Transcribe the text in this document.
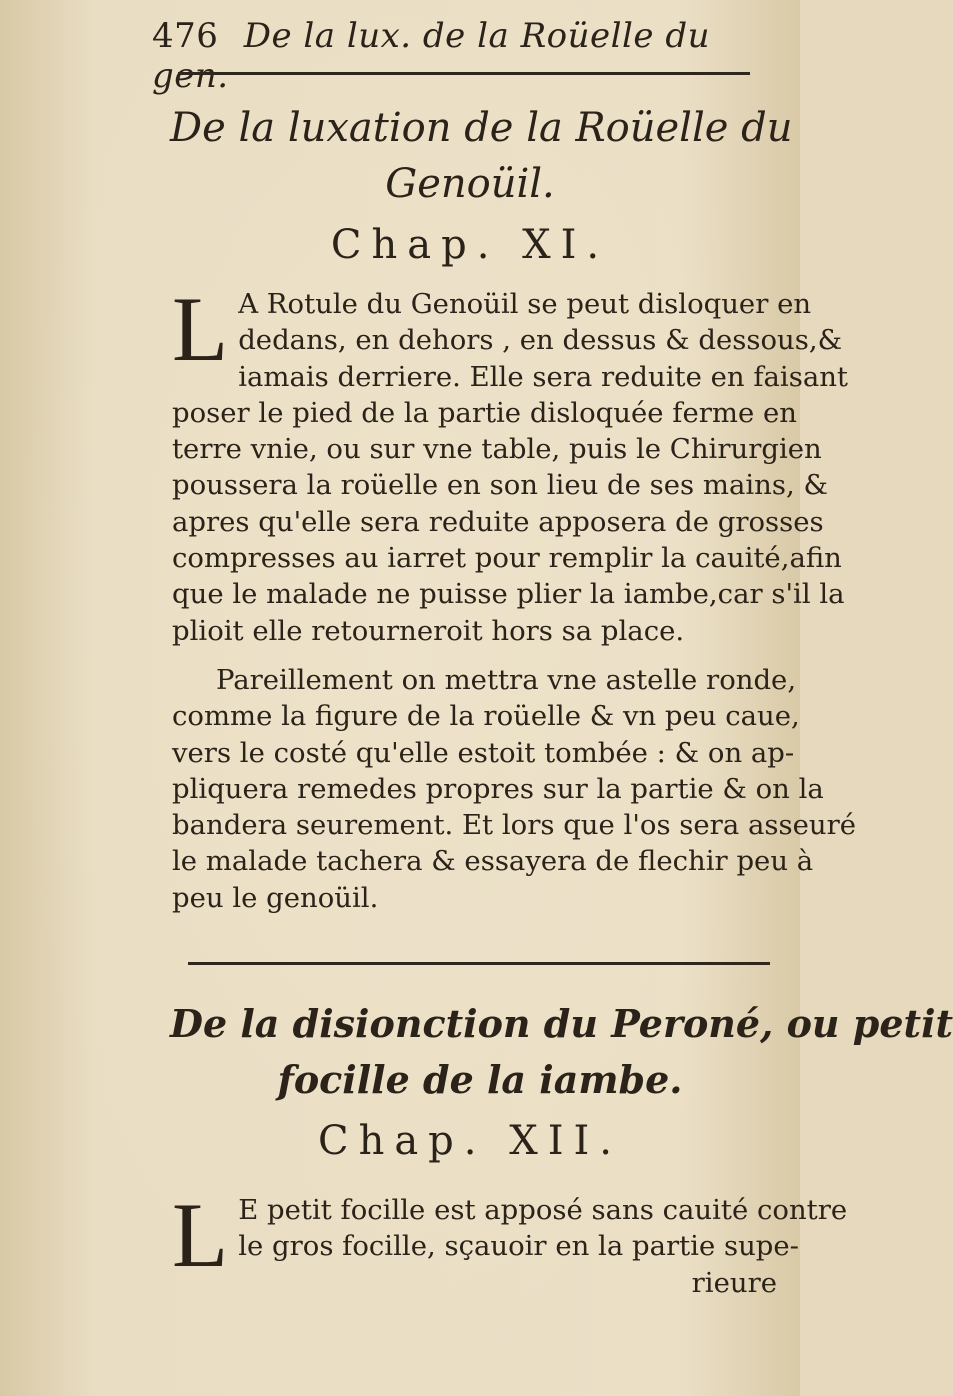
476 De la lux. de la Roüelle du gen.
De la luxation de la Roüelle du
Genoüil.
Chap. XI.
L A Rotule du Genoüil se peut disloquer en
dedans, en dehors , en dessus & dessous,&
iamais derriere. Elle sera reduite en faisant
poser le pied de la partie disloquée ferme en
terre vnie, ou sur vne table, puis le Chirurgien
poussera la roüelle en son lieu de ses mains, &
apres qu'elle sera reduite apposera de grosses
compresses au iarret pour remplir la cauité,afin
que le malade ne puisse plier la iambe,car s'il la
plioit elle retourneroit hors sa place.
Pareillement on mettra vne astelle ronde,
comme la figure de la roüelle & vn peu caue,
vers le costé qu'elle estoit tombée : & on ap-
pliquera remedes propres sur la partie & on la
bandera seurement. Et lors que l'os sera asseuré
le malade tachera & essayera de flechir peu à
peu le genoüil.
De la disionction du Peroné, ou petit
focille de la iambe.
Chap. XII.
L E petit focille est apposé sans cauité contre
le gros focille, sçauoir en la partie supe-
rieure
